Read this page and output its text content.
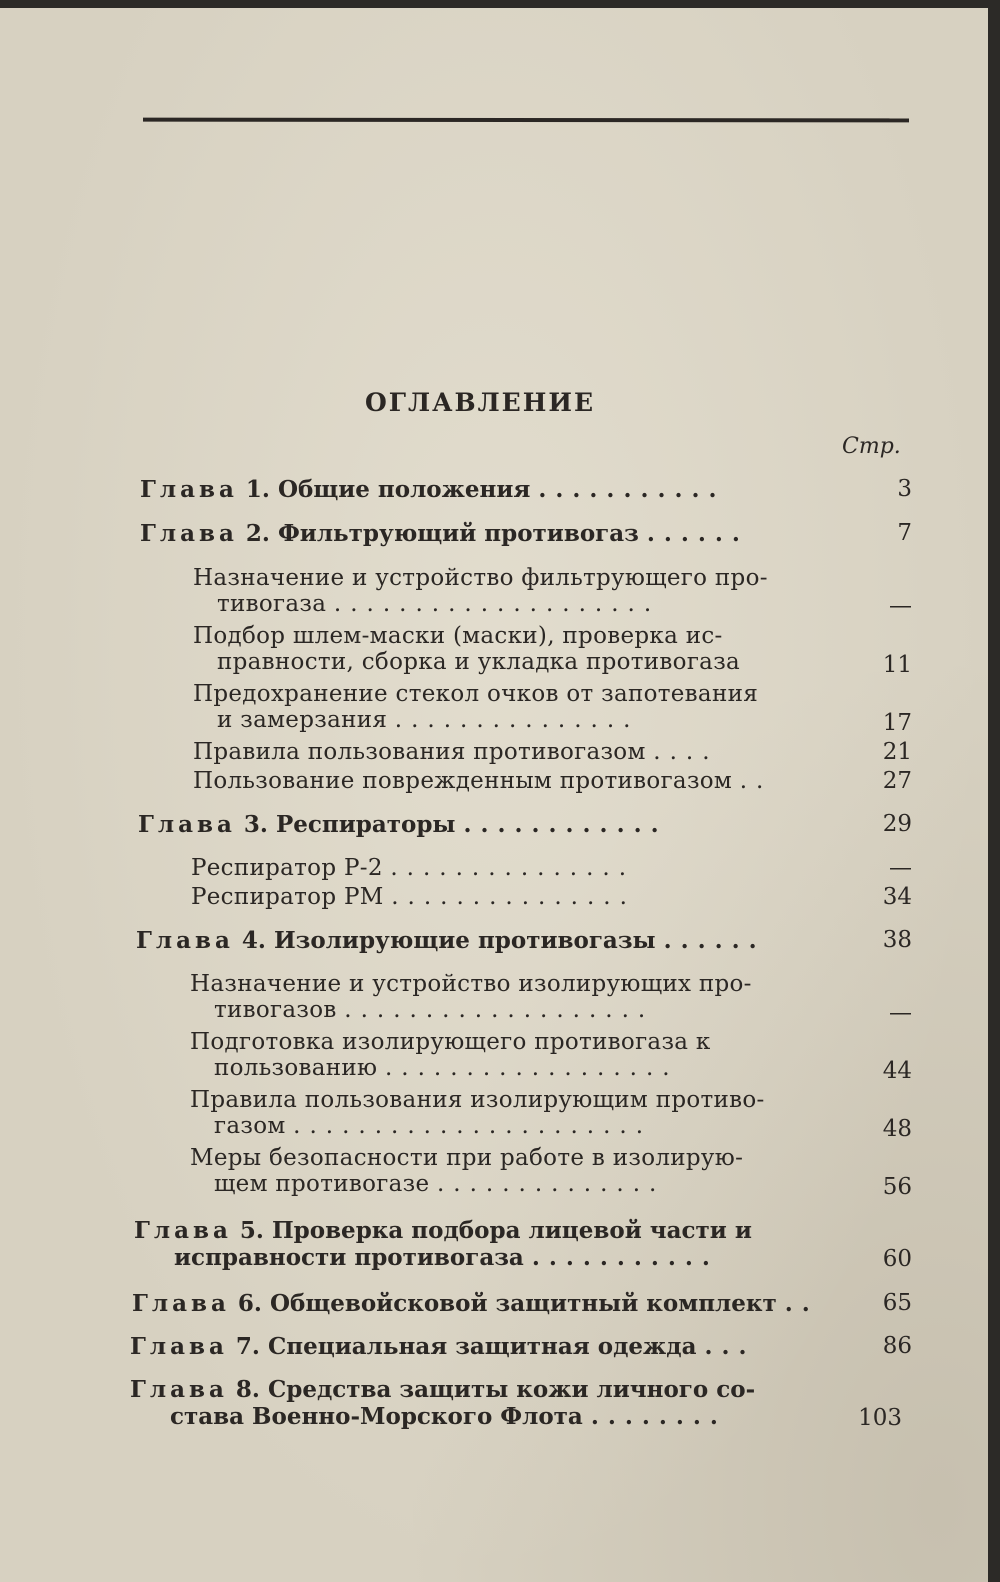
ОГЛАВЛЕНИЕ
Стр.
Глава 1. Общие положения ...........	3
Глава 2. Фильтрующий противогаз ......	7
Назначение и устройство фильтрующего про-
тивогаза ....................	—
Подбор шлем-маски (маски), проверка ис-
правности, сборка и укладка противогаза	11
Предохранение стекол очков от запотевания
и замерзания ...............	17
Правила пользования противогазом ....	21
Пользование поврежденным противогазом ..	27
Глава 3. Респираторы ............	29
Респиратор Р-2 ...............	—
Респиратор РМ ...............	34
Глава 4. Изолирующие противогазы ......	38
Назначение и устройство изолирующих про-
тивогазов ...................	—
Подготовка изолирующего противогаза к
пользованию ..................	44
Правила пользования изолирующим противо-
газом ......................	48
Меры безопасности при работе в изолирую-
щем противогазе ..............	56
Глава 5. Проверка подбора лицевой части и
исправности противогаза ...........	60
Глава 6. Общевойсковой защитный комплект ..	65
Глава 7. Специальная защитная одежда ...	86
Глава 8. Средства защиты кожи личного со-
става Военно-Морского Флота ........	103
